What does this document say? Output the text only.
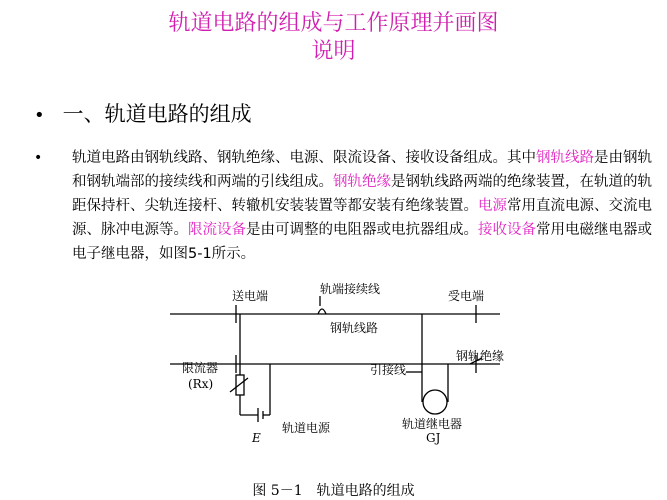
轨道电路的组成与工作原理并画图
说明
• 一、轨道电路的组成
•	轨道电路由钢轨线路、钢轨绝缘、电源、限流设备、接收设备组成。其中钢轨线路是由钢轨和钢轨端部的接续线和两端的引线组成。钢轨绝缘是钢轨线路两端的绝缘装置，在轨道的轨距保持杆、尖轨连接杆、转辙机安装装置等都安装有绝缘装置。电源常用直流电源、交流电源、脉冲电源等。限流设备是由可调整的电阻器或电抗器组成。接收设备常用电磁继电器或电子继电器，如图5-1所示。
送电端	轨端接续线	受电端
钢轨线路
限流器
(Rx)
引接线
钢轨绝缘
轨道电源
E
轨道继电器
GJ
图 5－1　轨道电路的组成
